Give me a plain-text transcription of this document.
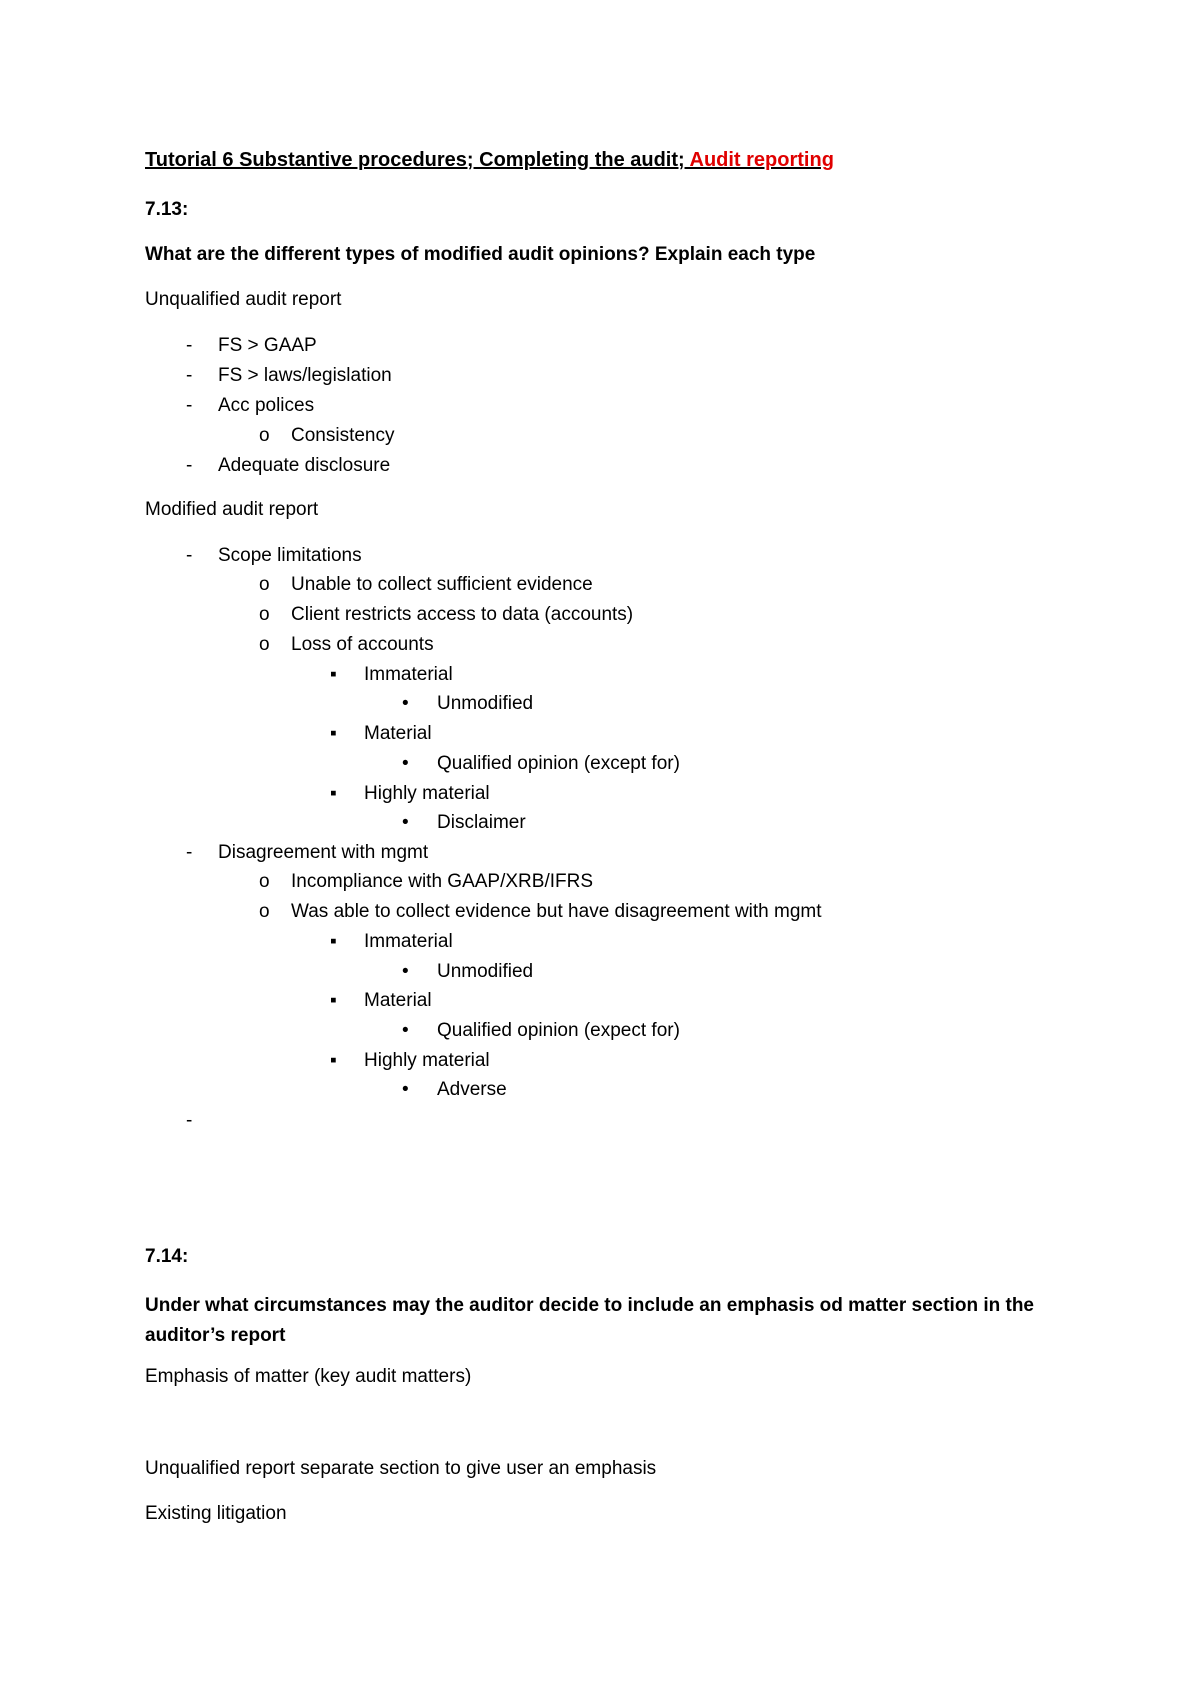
Tutorial 6 Substantive procedures; Completing the audit; Audit reporting
7.13:
What are the different types of modified audit opinions? Explain each type
Unqualified audit report
- FS > GAAP
- FS > laws/legislation
- Acc polices
o Consistency
- Adequate disclosure
Modified audit report
- Scope limitations
o Unable to collect sufficient evidence
o Client restricts access to data (accounts)
o Loss of accounts
▪ Immaterial
• Unmodified
▪ Material
• Qualified opinion (except for)
▪ Highly material
• Disclaimer
- Disagreement with mgmt
o Incompliance with GAAP/XRB/IFRS
o Was able to collect evidence but have disagreement with mgmt
▪ Immaterial
• Unmodified
▪ Material
• Qualified opinion (expect for)
▪ Highly material
• Adverse
-
7.14:
Under what circumstances may the auditor decide to include an emphasis od matter section in the auditor’s report
Emphasis of matter (key audit matters)
Unqualified report separate section to give user an emphasis
Existing litigation
